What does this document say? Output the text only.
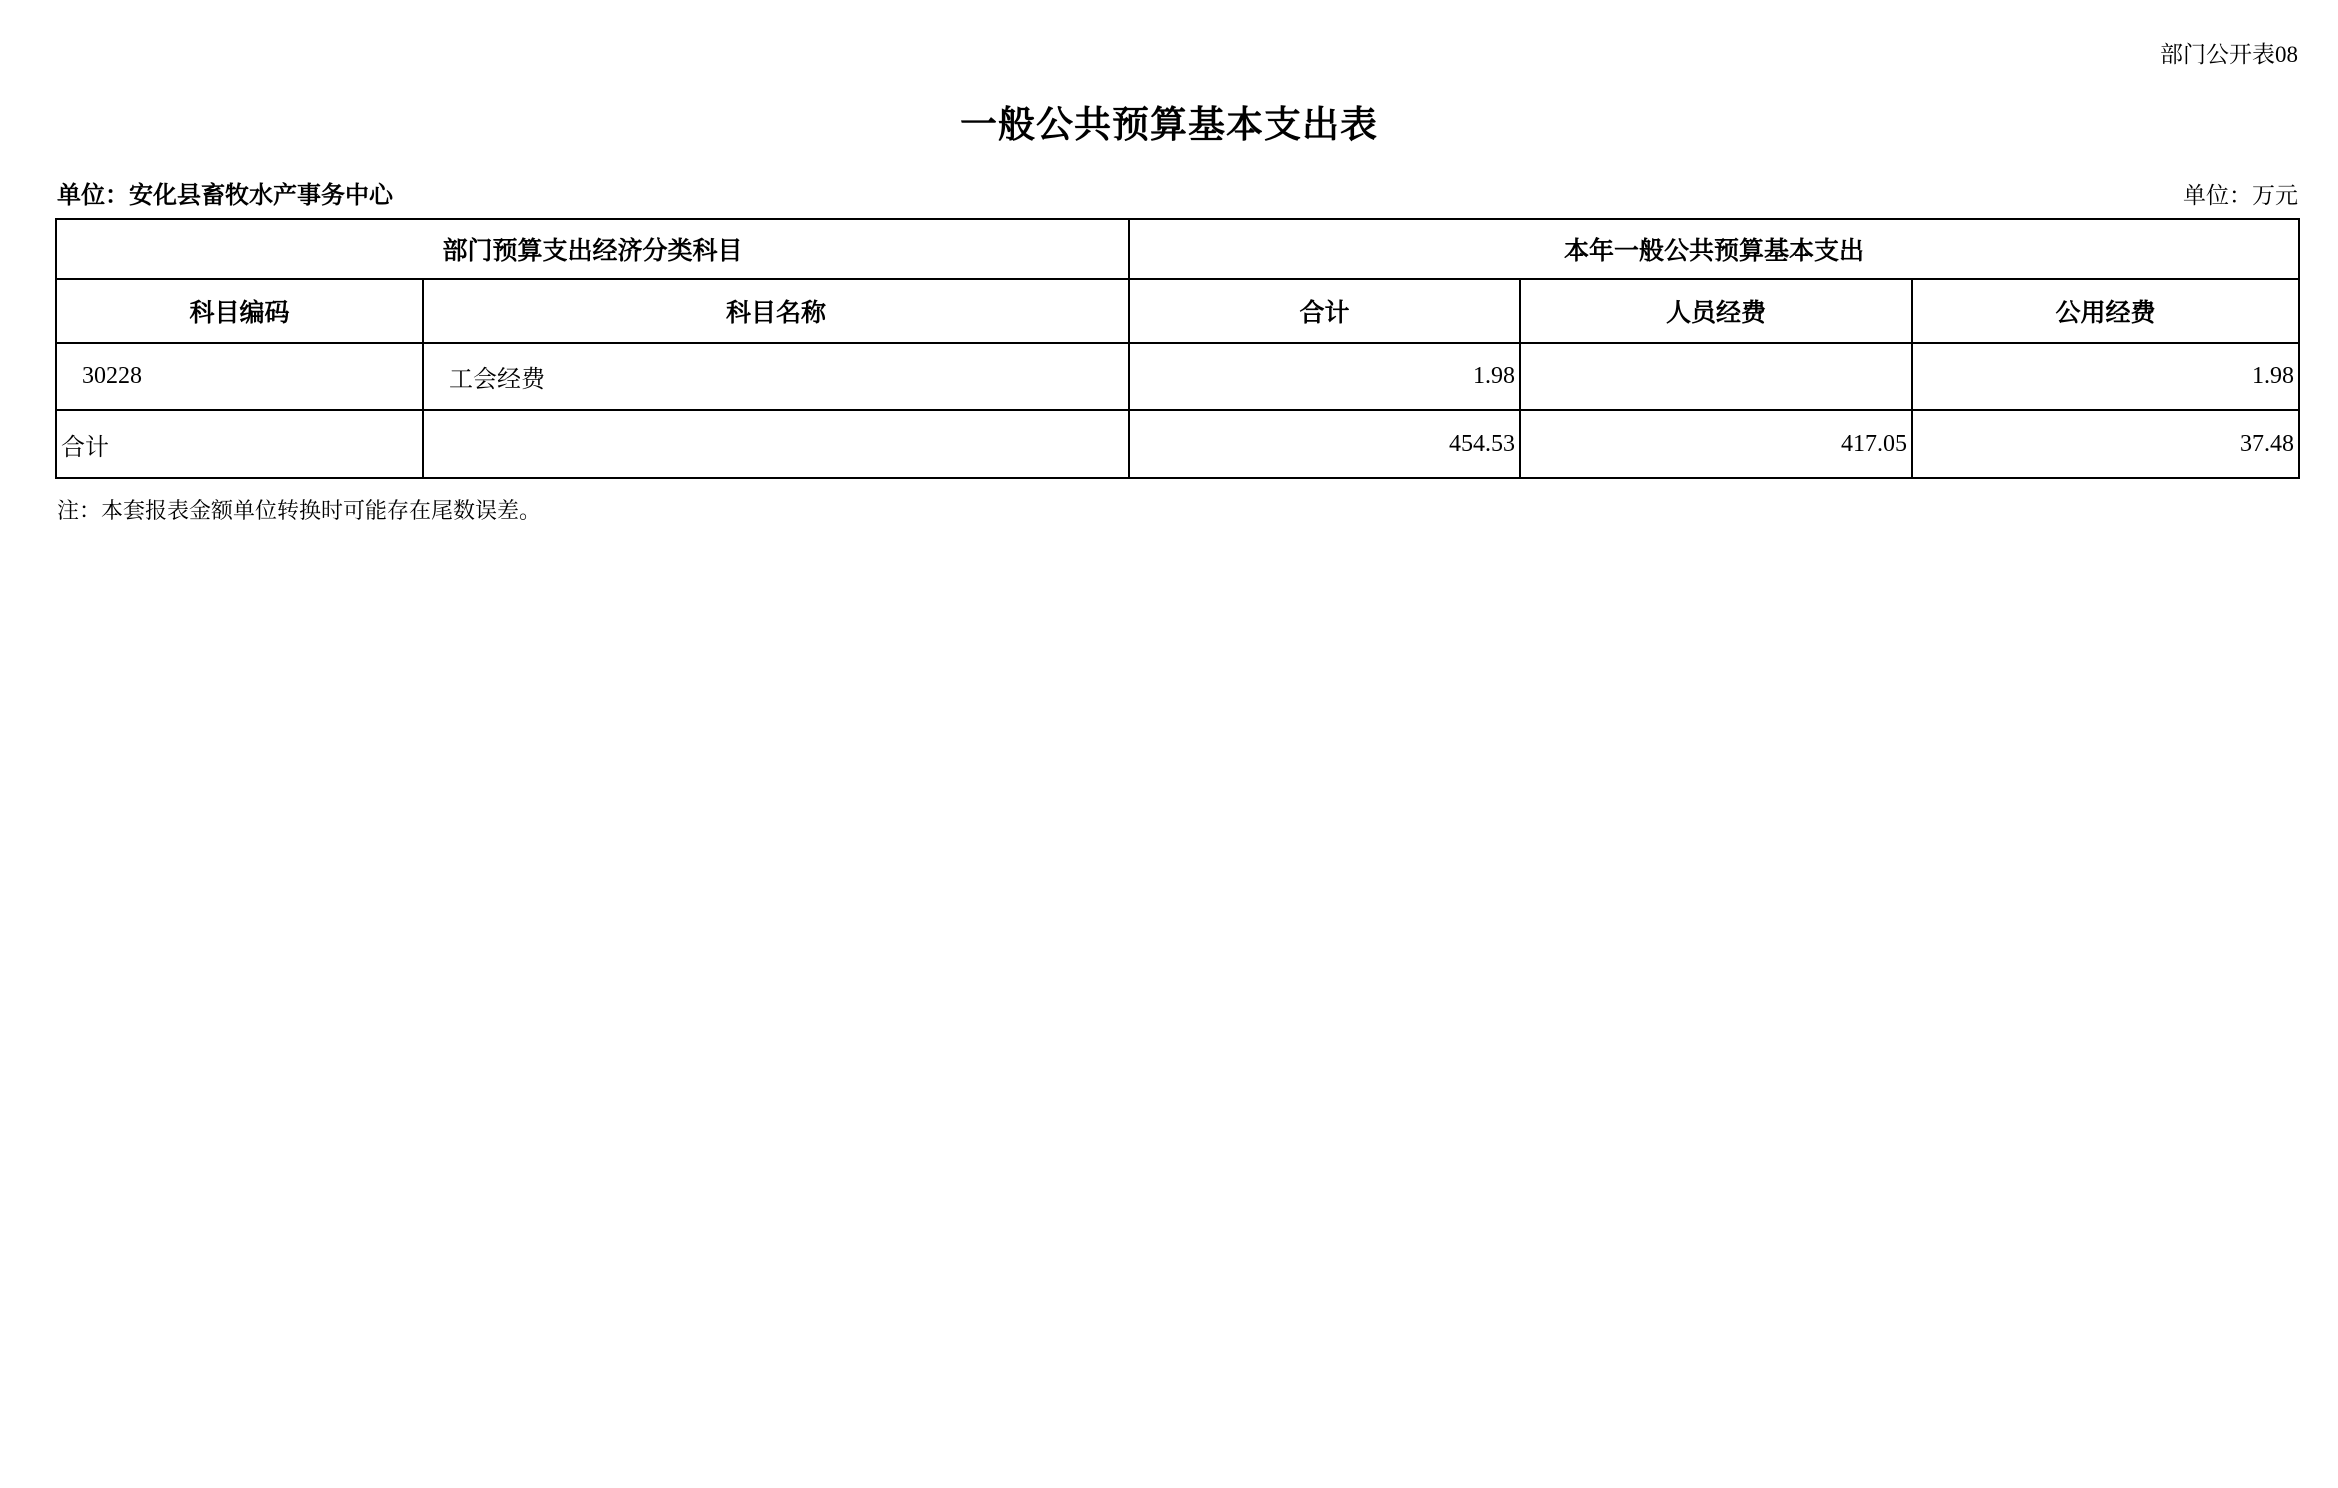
部门公开表08
一般公共预算基本支出表
单位：安化县畜牧水产事务中心	单位：万元
部门预算支出经济分类科目		本年一般公共预算基本支出		
科目编码	科目名称	合计	人员经费	公用经费
30228	工会经费	1.98		1.98
合计		454.53	417.05	37.48
注：本套报表金额单位转换时可能存在尾数误差。
